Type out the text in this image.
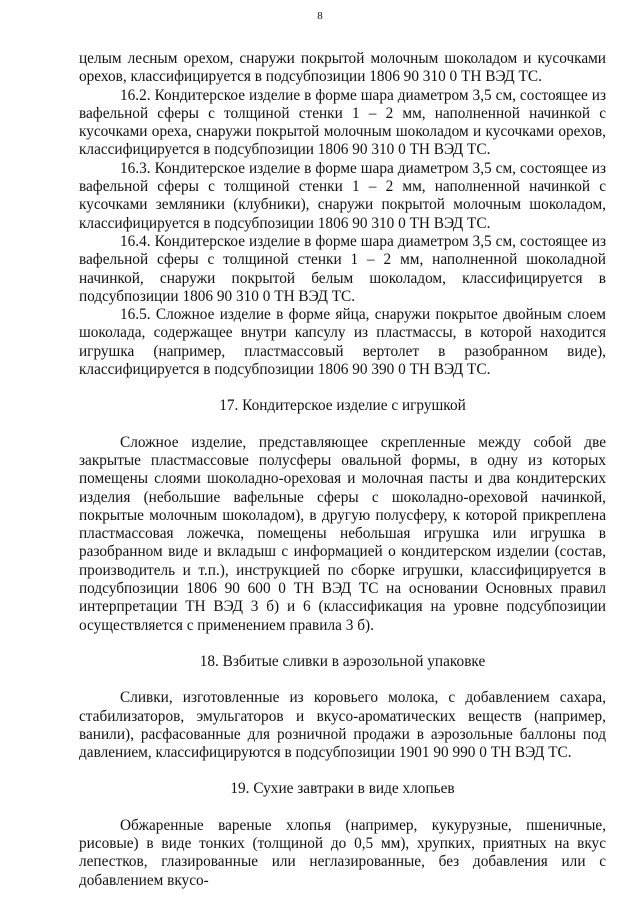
8

целым лесным орехом, снаружи покрытой молочным шоколадом и кусочками орехов, классифицируется в подсубпозиции 1806 90 310 0 ТН ВЭД ТС.

16.2. Кондитерское изделие в форме шара диаметром 3,5 см, состоящее из вафельной сферы с толщиной стенки 1 – 2 мм, наполненной начинкой с кусочками ореха, снаружи покрытой молочным шоколадом и кусочками орехов, классифицируется в подсубпозиции 1806 90 310 0 ТН ВЭД ТС.

16.3. Кондитерское изделие в форме шара диаметром 3,5 см, состоящее из вафельной сферы с толщиной стенки 1 – 2 мм, наполненной начинкой с кусочками земляники (клубники), снаружи покрытой молочным шоколадом, классифицируется в подсубпозиции 1806 90 310 0 ТН ВЭД ТС.

16.4. Кондитерское изделие в форме шара диаметром 3,5 см, состоящее из вафельной сферы с толщиной стенки 1 – 2 мм, наполненной шоколадной начинкой, снаружи покрытой белым шоколадом, классифицируется в подсубпозиции 1806 90 310 0 ТН ВЭД ТС.

16.5. Сложное изделие в форме яйца, снаружи покрытое двойным слоем шоколада, содержащее внутри капсулу из пластмассы, в которой находится игрушка (например, пластмассовый вертолет в разобранном виде), классифицируется в подсубпозиции 1806 90 390 0 ТН ВЭД ТС.

17. Кондитерское изделие с игрушкой

Сложное изделие, представляющее скрепленные между собой две закрытые пластмассовые полусферы овальной формы, в одну из которых помещены слоями шоколадно-ореховая и молочная пасты и два кондитерских изделия (небольшие вафельные сферы с шоколадно-ореховой начинкой, покрытые молочным шоколадом), в другую полусферу, к которой прикреплена пластмассовая ложечка, помещены небольшая игрушка или игрушка в разобранном виде и вкладыш с информацией о кондитерском изделии (состав, производитель и т.п.), инструкцией по сборке игрушки, классифицируется в подсубпозиции 1806 90 600 0 ТН ВЭД ТС на основании Основных правил интерпретации ТН ВЭД 3 б) и 6 (классификация на уровне подсубпозиции осуществляется с применением правила 3 б).

18. Взбитые сливки в аэрозольной упаковке

Сливки, изготовленные из коровьего молока, с добавлением сахара, стабилизаторов, эмульгаторов и вкусо-ароматических веществ (например, ванили), расфасованные для розничной продажи в аэрозольные баллоны под давлением, классифицируются в подсубпозиции 1901 90 990 0 ТН ВЭД ТС.

19. Сухие завтраки в виде хлопьев

Обжаренные вареные хлопья (например, кукурузные, пшеничные, рисовые) в виде тонких (толщиной до 0,5 мм), хрупких, приятных на вкус лепестков, глазированные или неглазированные, без добавления или с добавлением вкусо-
